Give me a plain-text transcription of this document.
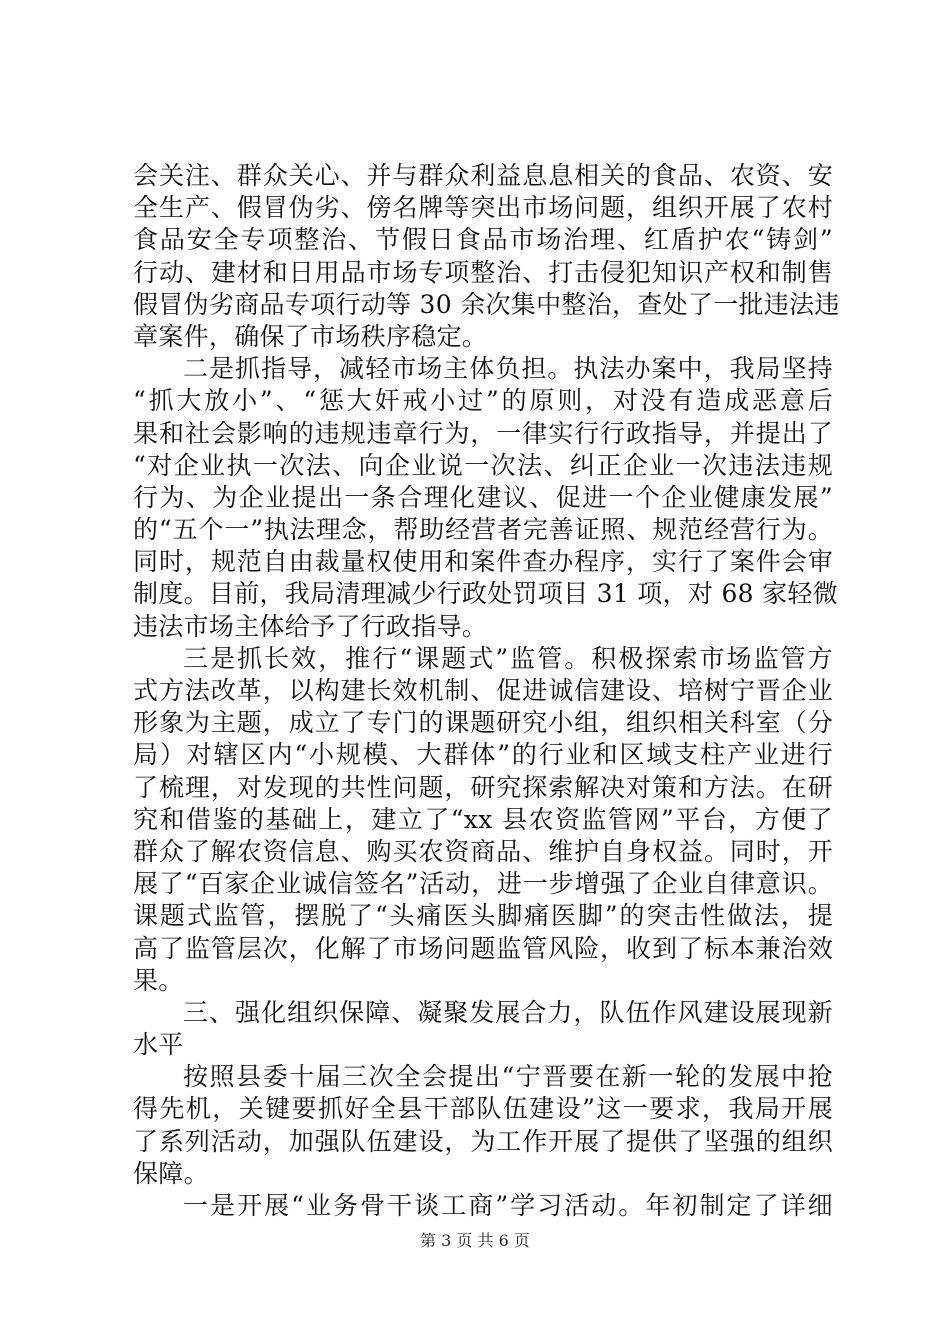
会关注、群众关心、并与群众利益息息相关的食品、农资、安
全生产、假冒伪劣、傍名牌等突出市场问题，组织开展了农村
食品安全专项整治、节假日食品市场治理、红盾护农“铸剑”
行动、建材和日用品市场专项整治、打击侵犯知识产权和制售
假冒伪劣商品专项行动等 30 余次集中整治，查处了一批违法违
章案件，确保了市场秩序稳定。
二是抓指导，减轻市场主体负担。执法办案中，我局坚持
“抓大放小”、“惩大奸戒小过”的原则，对没有造成恶意后
果和社会影响的违规违章行为，一律实行行政指导，并提出了
“对企业执一次法、向企业说一次法、纠正企业一次违法违规
行为、为企业提出一条合理化建议、促进一个企业健康发展”
的“五个一”执法理念，帮助经营者完善证照、规范经营行为。
同时，规范自由裁量权使用和案件查办程序，实行了案件会审
制度。目前，我局清理减少行政处罚项目 31 项，对 68 家轻微
违法市场主体给予了行政指导。
三是抓长效，推行“课题式”监管。积极探索市场监管方
式方法改革，以构建长效机制、促进诚信建设、培树宁晋企业
形象为主题，成立了专门的课题研究小组，组织相关科室（分
局）对辖区内“小规模、大群体”的行业和区域支柱产业进行
了梳理，对发现的共性问题，研究探索解决对策和方法。在研
究和借鉴的基础上，建立了“xx 县农资监管网”平台，方便了
群众了解农资信息、购买农资商品、维护自身权益。同时，开
展了“百家企业诚信签名”活动，进一步增强了企业自律意识。
课题式监管，摆脱了“头痛医头脚痛医脚”的突击性做法，提
高了监管层次，化解了市场问题监管风险，收到了标本兼治效
果。
三、强化组织保障、凝聚发展合力，队伍作风建设展现新
水平
按照县委十届三次全会提出“宁晋要在新一轮的发展中抢
得先机，关键要抓好全县干部队伍建设”这一要求，我局开展
了系列活动，加强队伍建设，为工作开展了提供了坚强的组织
保障。
一是开展“业务骨干谈工商”学习活动。年初制定了详细
第 3 页 共 6 页
